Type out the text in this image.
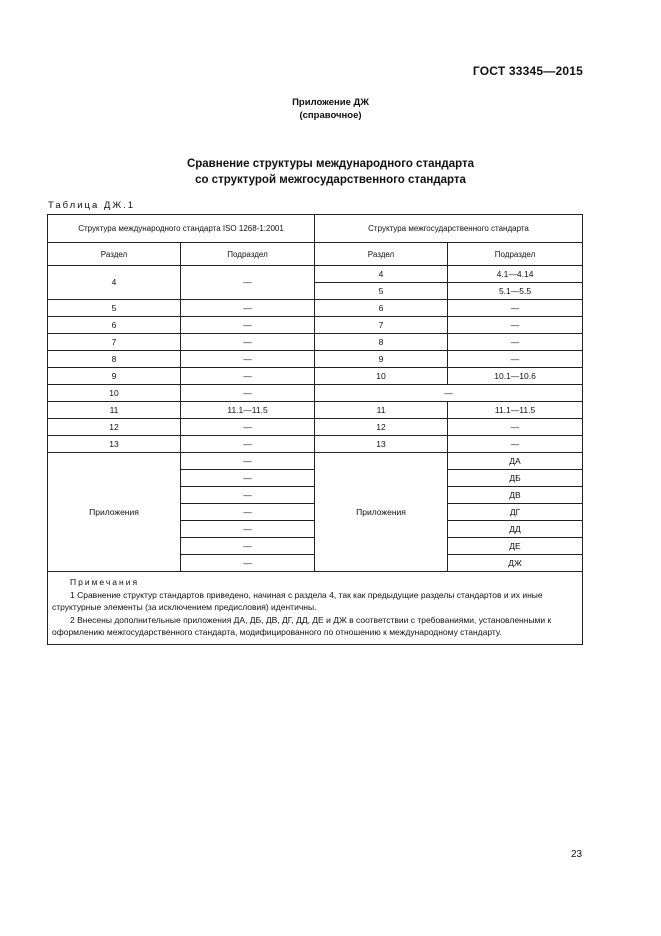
ГОСТ 33345—2015
Приложение ДЖ
(справочное)
Сравнение структуры международного стандарта
со структурой межгосударственного стандарта
Таблица ДЖ.1
Структура международного стандарта ISO 1268-1:2001		Структура межгосударственного стандарта	
Раздел	Подраздел	Раздел	Подраздел
4	—	4	4.1—4.14
		5	5.1—5.5
5	—	6	—
6	—	7	—
7	—	8	—
8	—	9	—
9	—	10	10.1—10.6
10	—	—	
11	11.1—11.5	11	11.1—11.5
12	—	12	—
13	—	13	—
Приложения	—	Приложения	ДА
	—		ДБ
	—		ДВ
	—		ДГ
	—		ДД
	—		ДЕ
	—		ДЖ

Примечания
1 Сравнение структур стандартов приведено, начиная с раздела 4, так как предыдущие разделы стандартов и их иные структурные элементы (за исключением предисловия) идентичны.
2 Внесены дополнительные приложения ДА, ДБ, ДВ, ДГ, ДД, ДЕ и ДЖ в соответствии с требованиями, установленными к оформлению межгосударственного стандарта, модифицированного по отношению к международному стандарту.			
23
